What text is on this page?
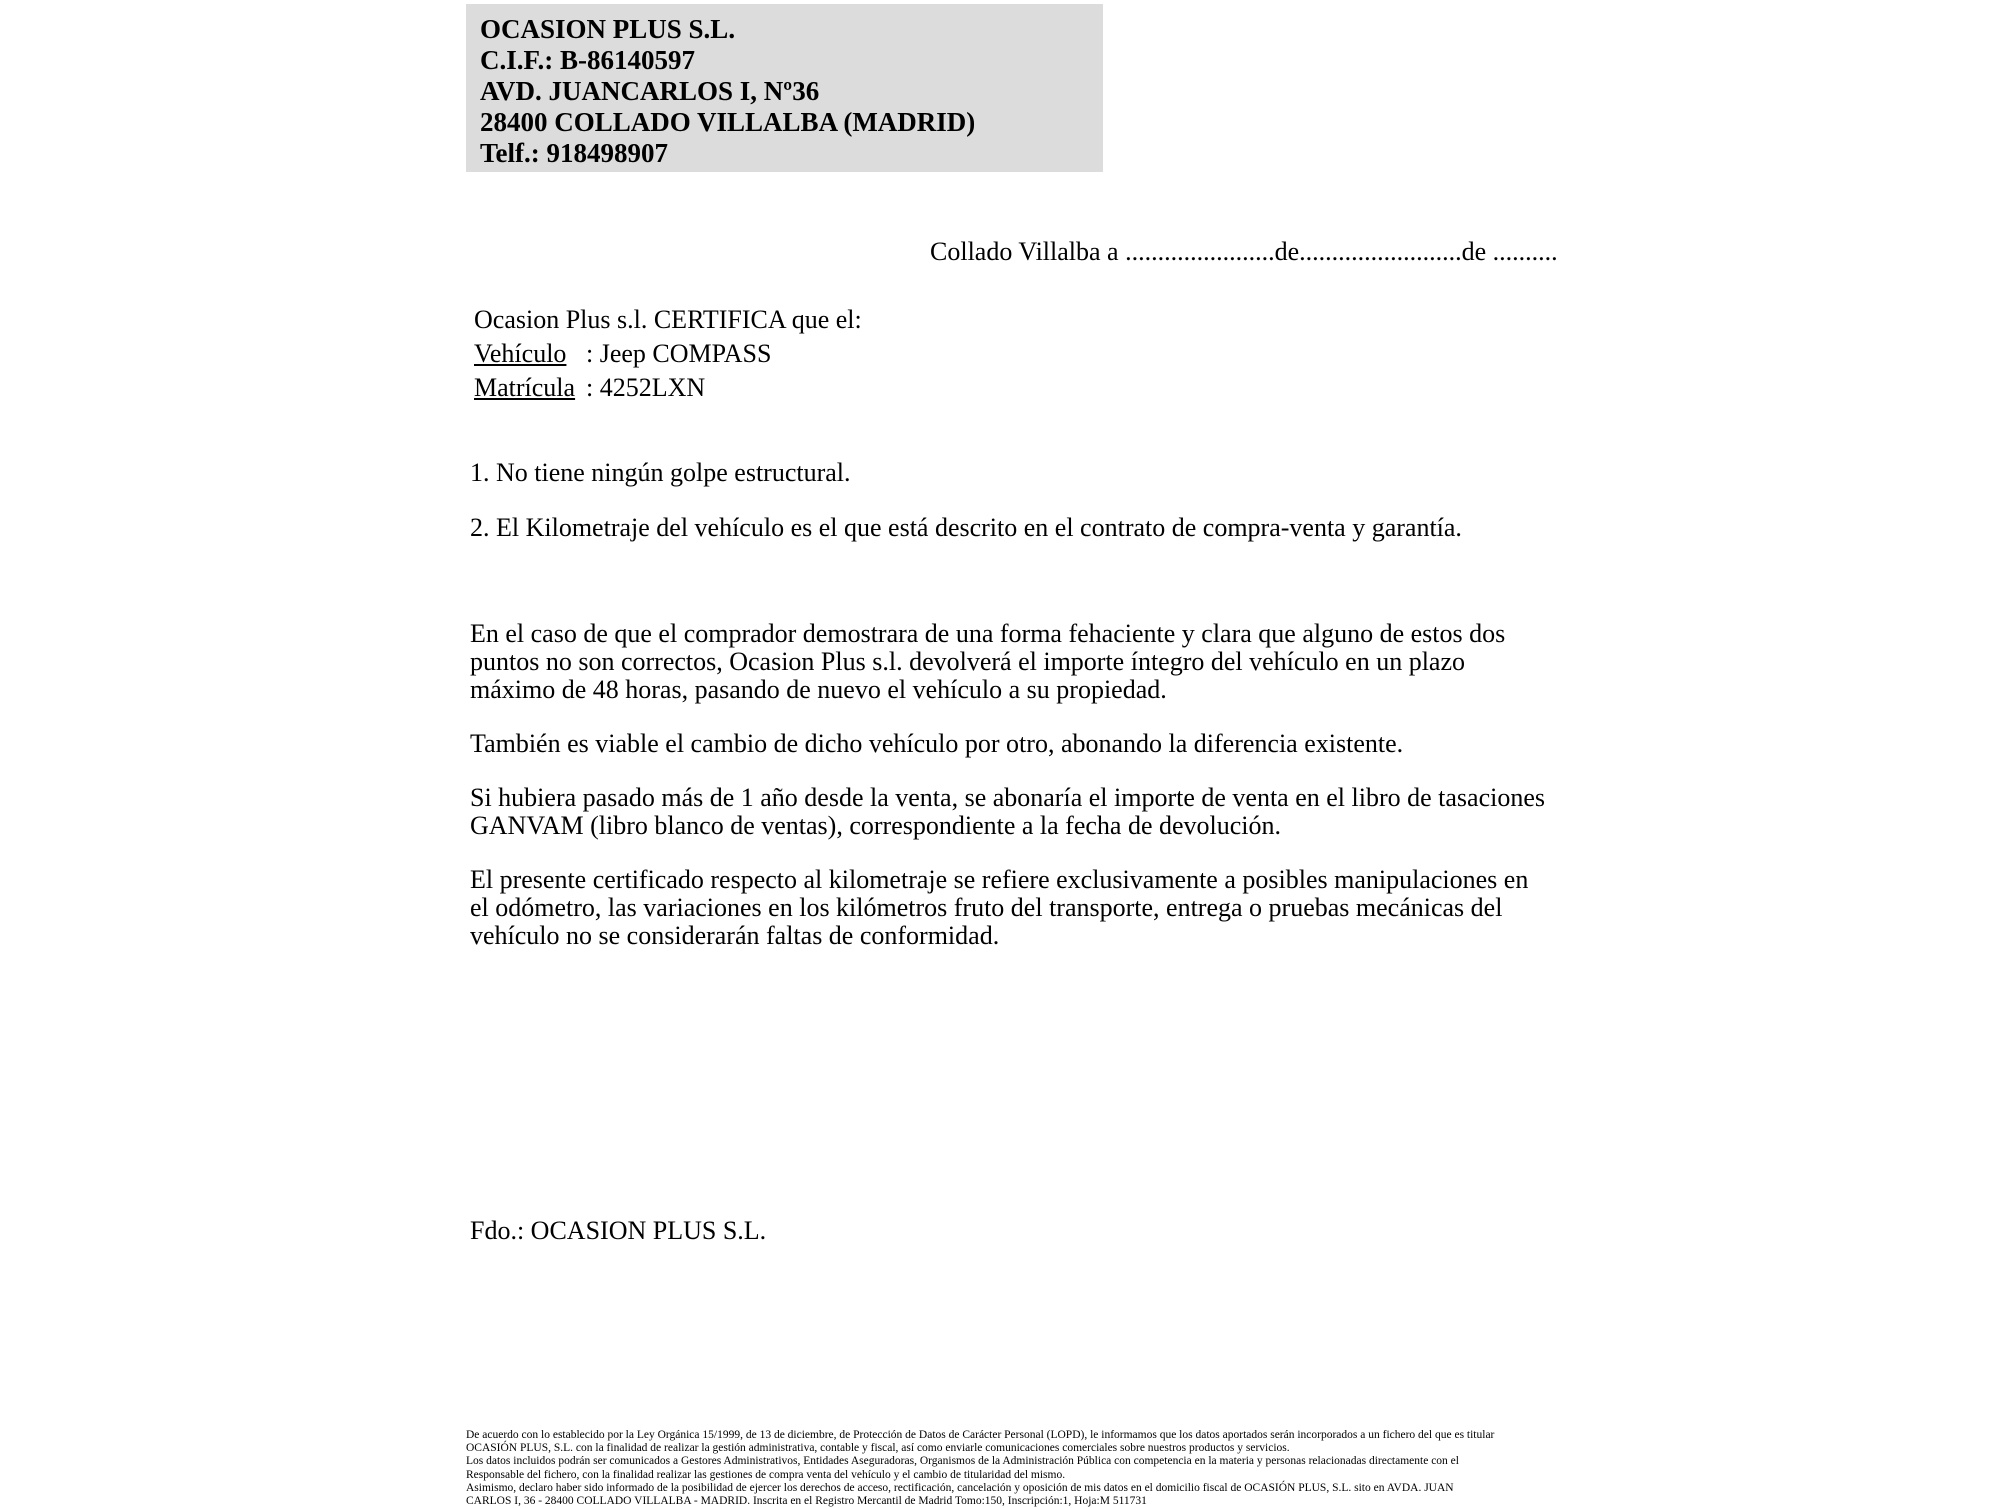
OCASION PLUS S.L.
C.I.F.: B-86140597
AVD. JUANCARLOS I, Nº36
28400 COLLADO VILLALBA (MADRID)
Telf.: 918498907
Collado Villalba a .......................de.........................de ..........
Ocasion Plus s.l. CERTIFICA que el:
Vehículo : Jeep COMPASS
Matrícula : 4252LXN
1. No tiene ningún golpe estructural.
2. El Kilometraje del vehículo es el que está descrito en el contrato de compra-venta y garantía.

En el caso de que el comprador demostrara de una forma fehaciente y clara que alguno de estos dos puntos no son correctos, Ocasion Plus s.l. devolverá el importe íntegro del vehículo en un plazo máximo de 48 horas, pasando de nuevo el vehículo a su propiedad.

También es viable el cambio de dicho vehículo por otro, abonando la diferencia existente.

Si hubiera pasado más de 1 año desde la venta, se abonaría el importe de venta en el libro de tasaciones GANVAM (libro blanco de ventas), correspondiente a la fecha de devolución.

El presente certificado respecto al kilometraje se refiere exclusivamente a posibles manipulaciones en el odómetro, las variaciones en los kilómetros fruto del transporte, entrega o pruebas mecánicas del vehículo no se considerarán faltas de conformidad.

Fdo.: OCASION PLUS S.L.
De acuerdo con lo establecido por la Ley Orgánica 15/1999, de 13 de diciembre, de Protección de Datos de Carácter Personal (LOPD), le informamos que los datos aportados serán incorporados a un fichero del que es titular
OCASIÓN PLUS, S.L. con la finalidad de realizar la gestión administrativa, contable y fiscal, así como enviarle comunicaciones comerciales sobre nuestros productos y servicios.
Los datos incluidos podrán ser comunicados a Gestores Administrativos, Entidades Aseguradoras, Organismos de la Administración Pública con competencia en la materia y personas relacionadas directamente con el
Responsable del fichero, con la finalidad realizar las gestiones de compra venta del vehículo y el cambio de titularidad del mismo.
Asimismo, declaro haber sido informado de la posibilidad de ejercer los derechos de acceso, rectificación, cancelación y oposición de mis datos en el domicilio fiscal de OCASIÓN PLUS, S.L. sito en AVDA. JUAN
CARLOS I, 36 - 28400 COLLADO VILLALBA - MADRID. Inscrita en el Registro Mercantil de Madrid Tomo:150, Inscripción:1, Hoja:M 511731
